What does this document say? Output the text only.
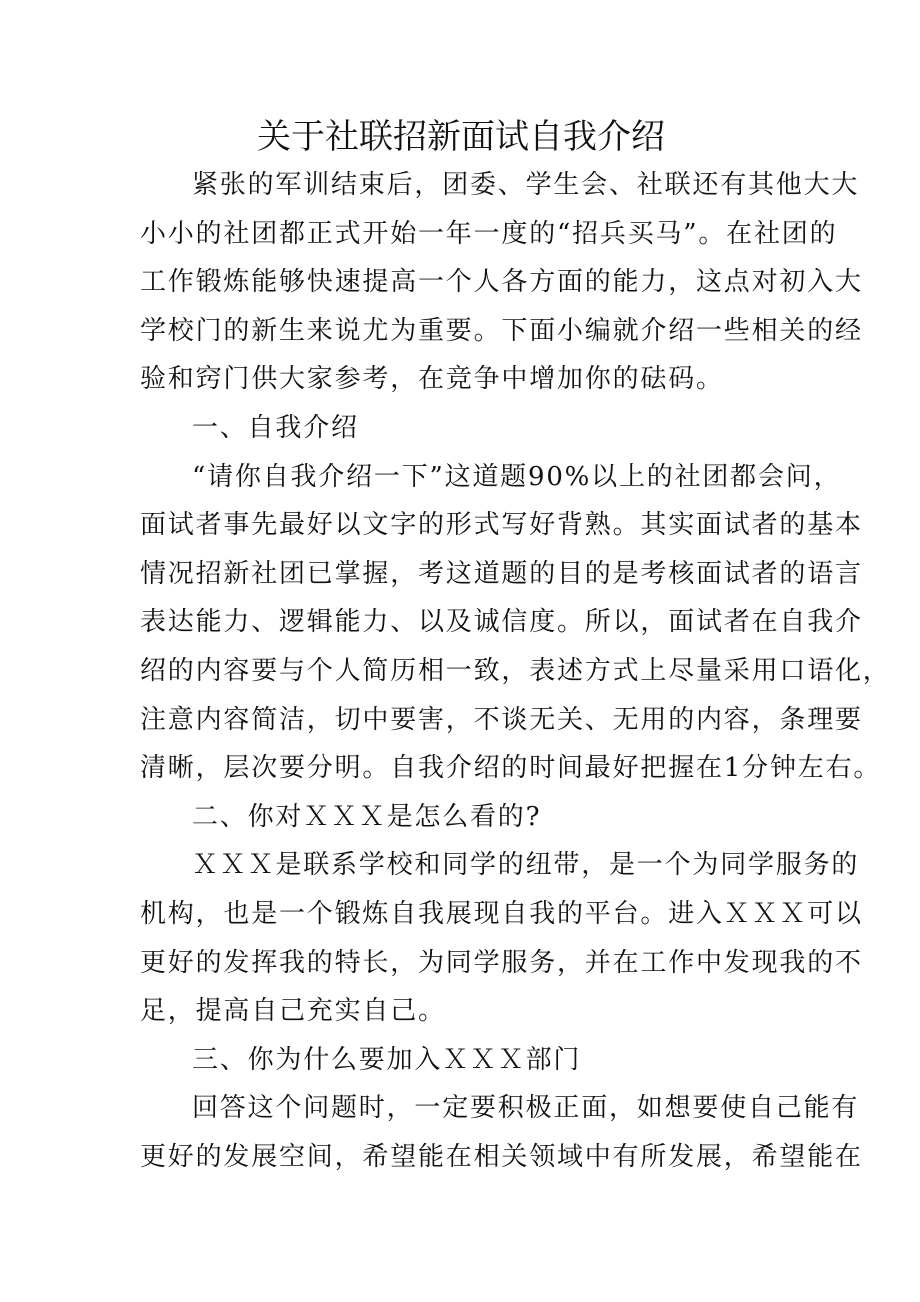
关于社联招新面试自我介绍
紧张的军训结束后，团委、学生会、社联还有其他大大
小小的社团都正式开始一年一度的“招兵买马”。在社团的
工作锻炼能够快速提高一个人各方面的能力，这点对初入大
学校门的新生来说尤为重要。下面小编就介绍一些相关的经
验和窍门供大家参考，在竞争中增加你的砝码。
一、自我介绍
“请你自我介绍一下”这道题90%以上的社团都会问，
面试者事先最好以文字的形式写好背熟。其实面试者的基本
情况招新社团已掌握，考这道题的目的是考核面试者的语言
表达能力、逻辑能力、以及诚信度。所以，面试者在自我介
绍的内容要与个人简历相一致，表述方式上尽量采用口语化，
注意内容简洁，切中要害，不谈无关、无用的内容，条理要
清晰，层次要分明。自我介绍的时间最好把握在1分钟左右。
二、你对ＸＸＸ是怎么看的?
ＸＸＸ是联系学校和同学的纽带，是一个为同学服务的
机构，也是一个锻炼自我展现自我的平台。进入ＸＸＸ可以
更好的发挥我的特长，为同学服务，并在工作中发现我的不
足，提高自己充实自己。
三、你为什么要加入ＸＸＸ部门
回答这个问题时，一定要积极正面，如想要使自己能有
更好的发展空间，希望能在相关领域中有所发展，希望能在
